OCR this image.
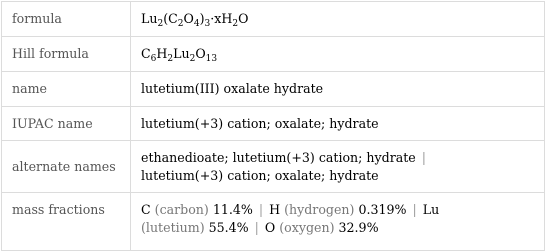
formula	$Lu_2(C_2O_4)_3\cdot xH_2O$
Hill formula	$C_6H_2Lu_2O_{13}$
name	lutetium(III) oxalate hydrate
IUPAC name	lutetium(+3) cation; oxalate; hydrate
alternate names	ethanedioate; lutetium(+3) cation; hydrate |
lutetium(+3) cation; oxalate; hydrate
mass fractions	C (carbon) 11.4% | H (hydrogen) 0.319% | Lu
(lutetium) 55.4% | O (oxygen) 32.9%
